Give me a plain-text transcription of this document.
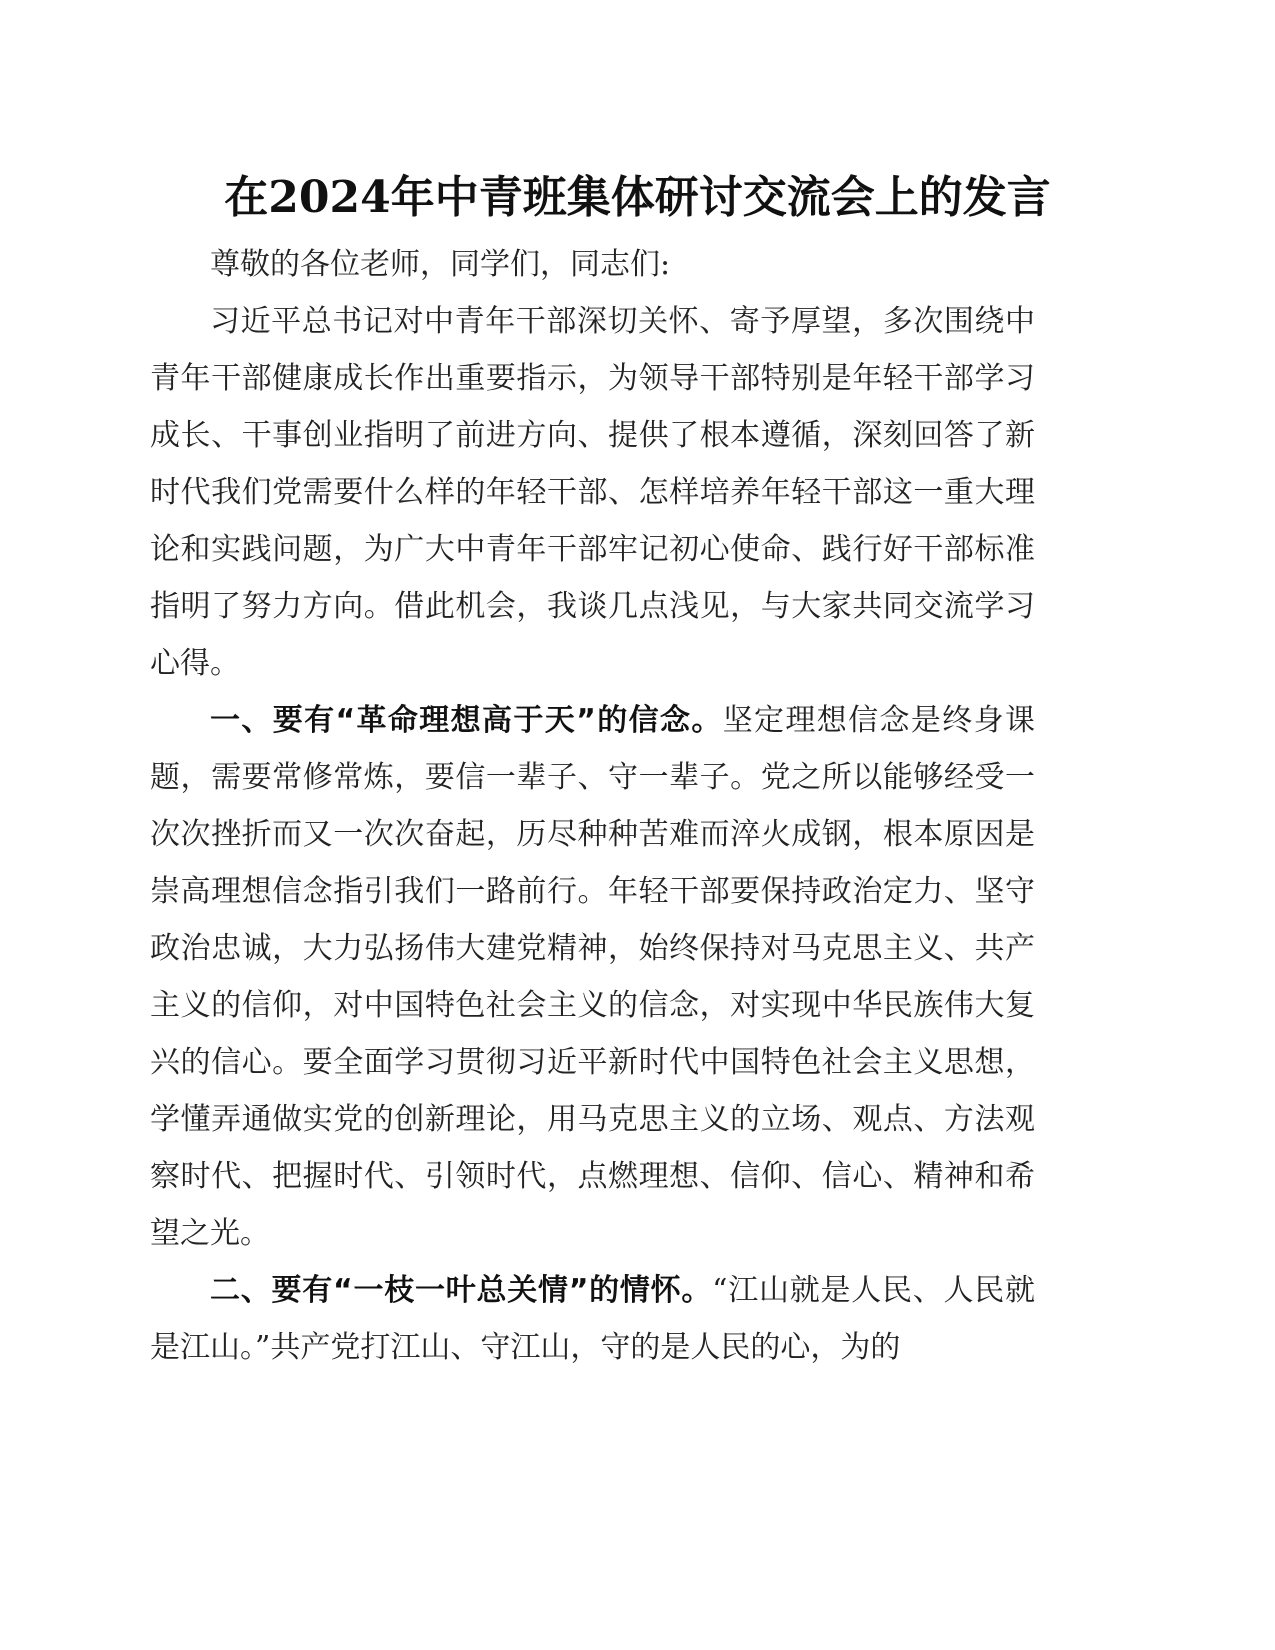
在2024年中青班集体研讨交流会上的发言

尊敬的各位老师，同学们，同志们:

习近平总书记对中青年干部深切关怀、寄予厚望，多次围绕中青年干部健康成长作出重要指示，为领导干部特别是年轻干部学习成长、干事创业指明了前进方向、提供了根本遵循，深刻回答了新时代我们党需要什么样的年轻干部、怎样培养年轻干部这一重大理论和实践问题，为广大中青年干部牢记初心使命、践行好干部标准指明了努力方向。借此机会，我谈几点浅见，与大家共同交流学习心得。

一、要有“革命理想高于天”的信念。坚定理想信念是终身课题，需要常修常炼，要信一辈子、守一辈子。党之所以能够经受一次次挫折而又一次次奋起，历尽种种苦难而淬火成钢，根本原因是崇高理想信念指引我们一路前行。年轻干部要保持政治定力、坚守政治忠诚，大力弘扬伟大建党精神，始终保持对马克思主义、共产主义的信仰，对中国特色社会主义的信念，对实现中华民族伟大复兴的信心。要全面学习贯彻习近平新时代中国特色社会主义思想，学懂弄通做实党的创新理论，用马克思主义的立场、观点、方法观察时代、把握时代、引领时代，点燃理想、信仰、信心、精神和希望之光。

二、要有“一枝一叶总关情”的情怀。“江山就是人民、人民就是江山。”共产党打江山、守江山，守的是人民的心，为的
